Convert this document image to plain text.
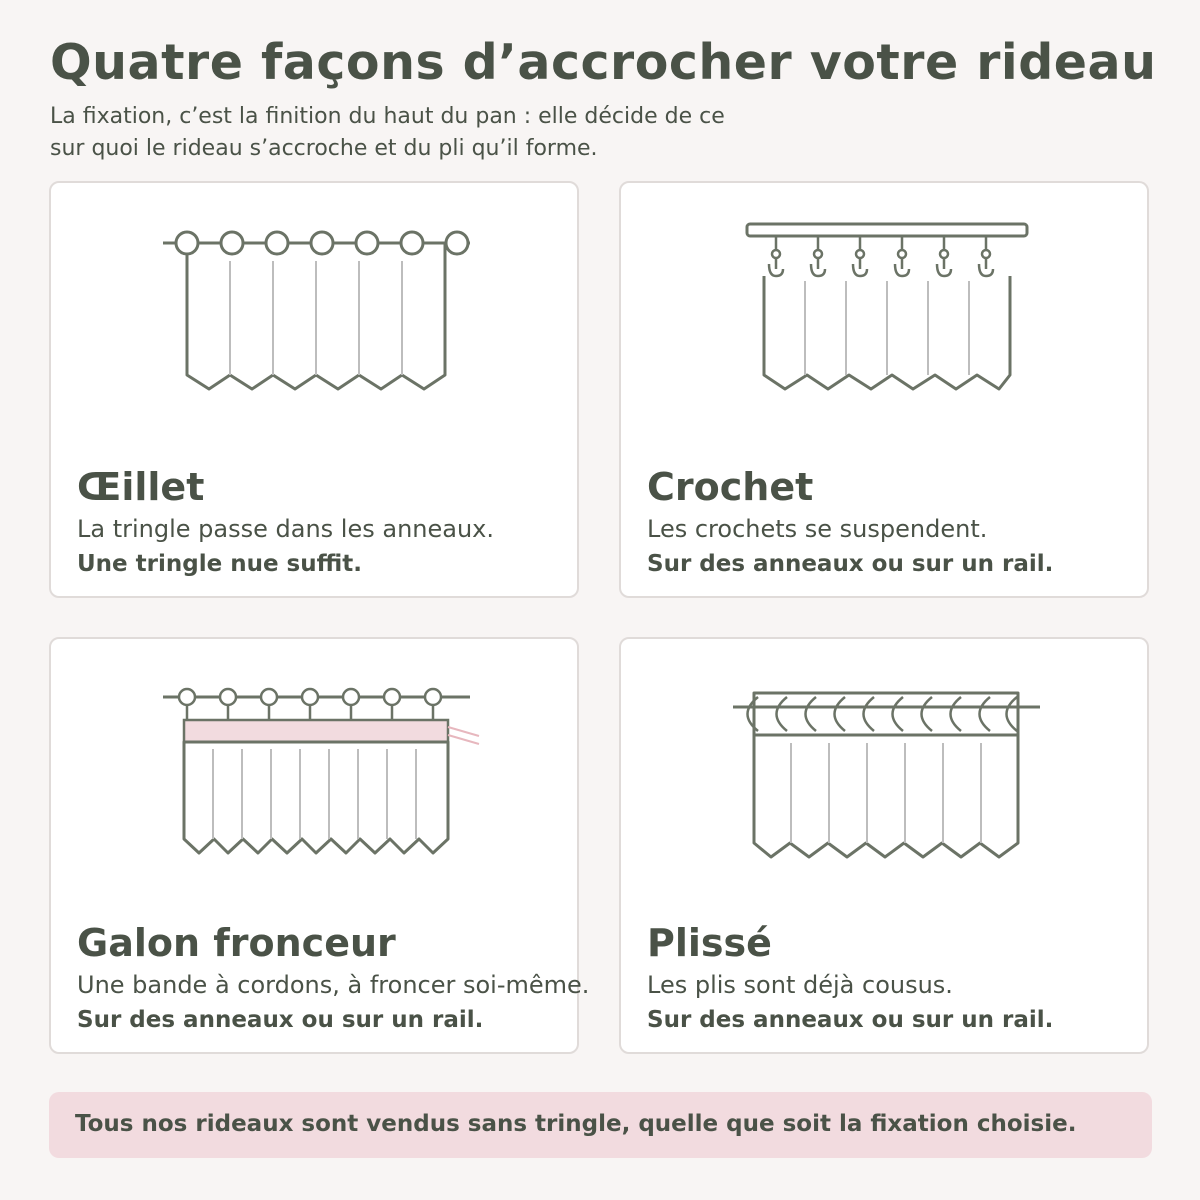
Quatre façons d’accrocher votre rideau
La fixation, c’est la finition du haut du pan : elle décide de ce
sur quoi le rideau s’accroche et du pli qu’il forme.
Œillet
La tringle passe dans les anneaux.
Une tringle nue suffit.
Crochet
Les crochets se suspendent.
Sur des anneaux ou sur un rail.
Galon fronceur
Une bande à cordons, à froncer soi-même.
Sur des anneaux ou sur un rail.
Plissé
Les plis sont déjà cousus.
Sur des anneaux ou sur un rail.
Tous nos rideaux sont vendus sans tringle, quelle que soit la fixation choisie.
